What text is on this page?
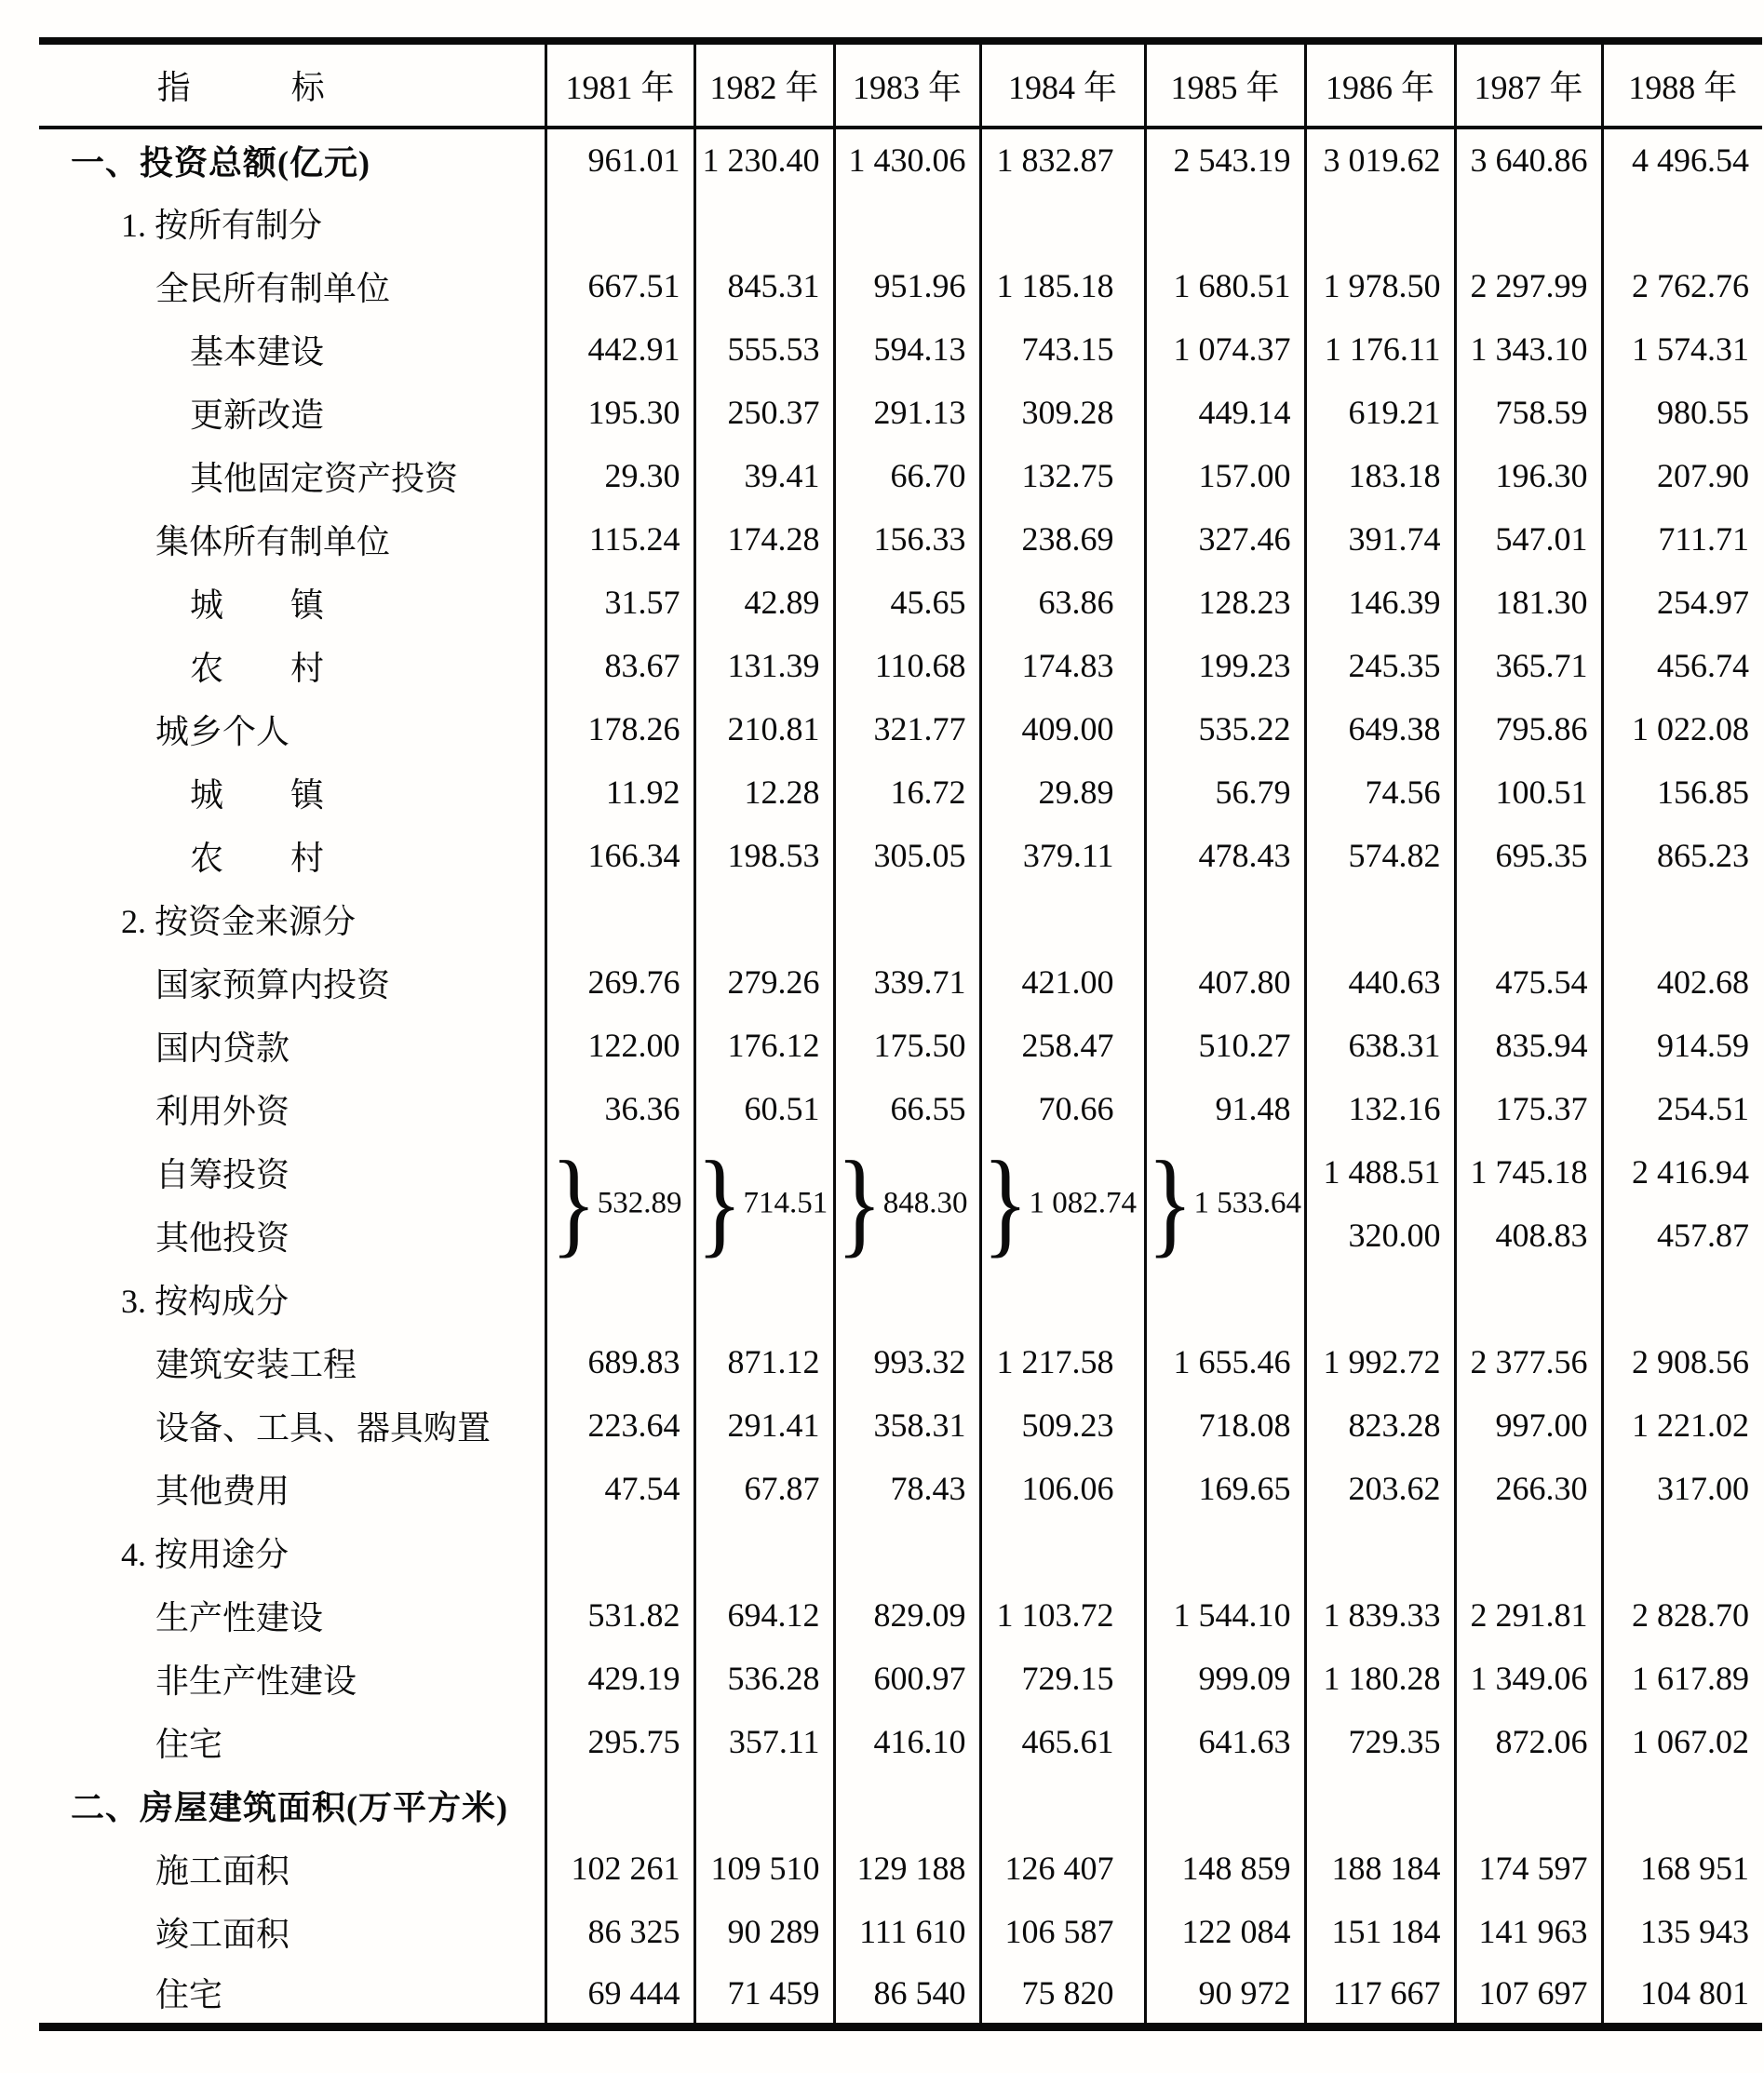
指　　　标	1981 年	1982 年	1983 年	1984 年	1985 年	1986 年	1987 年	1988 年
一、投资总额(亿元)	961.01	1 230.40	1 430.06	1 832.87	2 543.19	3 019.62	3 640.86	4 496.54
1. 按所有制分								
全民所有制单位	667.51	845.31	951.96	1 185.18	1 680.51	1 978.50	2 297.99	2 762.76
基本建设	442.91	555.53	594.13	743.15	1 074.37	1 176.11	1 343.10	1 574.31
更新改造	195.30	250.37	291.13	309.28	449.14	619.21	758.59	980.55
其他固定资产投资	29.30	39.41	66.70	132.75	157.00	183.18	196.30	207.90
集体所有制单位	115.24	174.28	156.33	238.69	327.46	391.74	547.01	711.71
城　　镇	31.57	42.89	45.65	63.86	128.23	146.39	181.30	254.97
农　　村	83.67	131.39	110.68	174.83	199.23	245.35	365.71	456.74
城乡个人	178.26	210.81	321.77	409.00	535.22	649.38	795.86	1 022.08
城　　镇	11.92	12.28	16.72	29.89	56.79	74.56	100.51	156.85
农　　村	166.34	198.53	305.05	379.11	478.43	574.82	695.35	865.23
2. 按资金来源分								
国家预算内投资	269.76	279.26	339.71	421.00	407.80	440.63	475.54	402.68
国内贷款	122.00	176.12	175.50	258.47	510.27	638.31	835.94	914.59
利用外资	36.36	60.51	66.55	70.66	91.48	132.16	175.37	254.51
自筹投资	}532.89	}714.51	}848.30	}1 082.74	}1 533.64	1 488.51	1 745.18	2 416.94
其他投资						320.00	408.83	457.87
3. 按构成分								
建筑安装工程	689.83	871.12	993.32	1 217.58	1 655.46	1 992.72	2 377.56	2 908.56
设备、工具、器具购置	223.64	291.41	358.31	509.23	718.08	823.28	997.00	1 221.02
其他费用	47.54	67.87	78.43	106.06	169.65	203.62	266.30	317.00
4. 按用途分								
生产性建设	531.82	694.12	829.09	1 103.72	1 544.10	1 839.33	2 291.81	2 828.70
非生产性建设	429.19	536.28	600.97	729.15	999.09	1 180.28	1 349.06	1 617.89
住宅	295.75	357.11	416.10	465.61	641.63	729.35	872.06	1 067.02
二、房屋建筑面积(万平方米)								
施工面积	102 261	109 510	129 188	126 407	148 859	188 184	174 597	168 951
竣工面积	86 325	90 289	111 610	106 587	122 084	151 184	141 963	135 943
住宅	69 444	71 459	86 540	75 820	90 972	117 667	107 697	104 801
